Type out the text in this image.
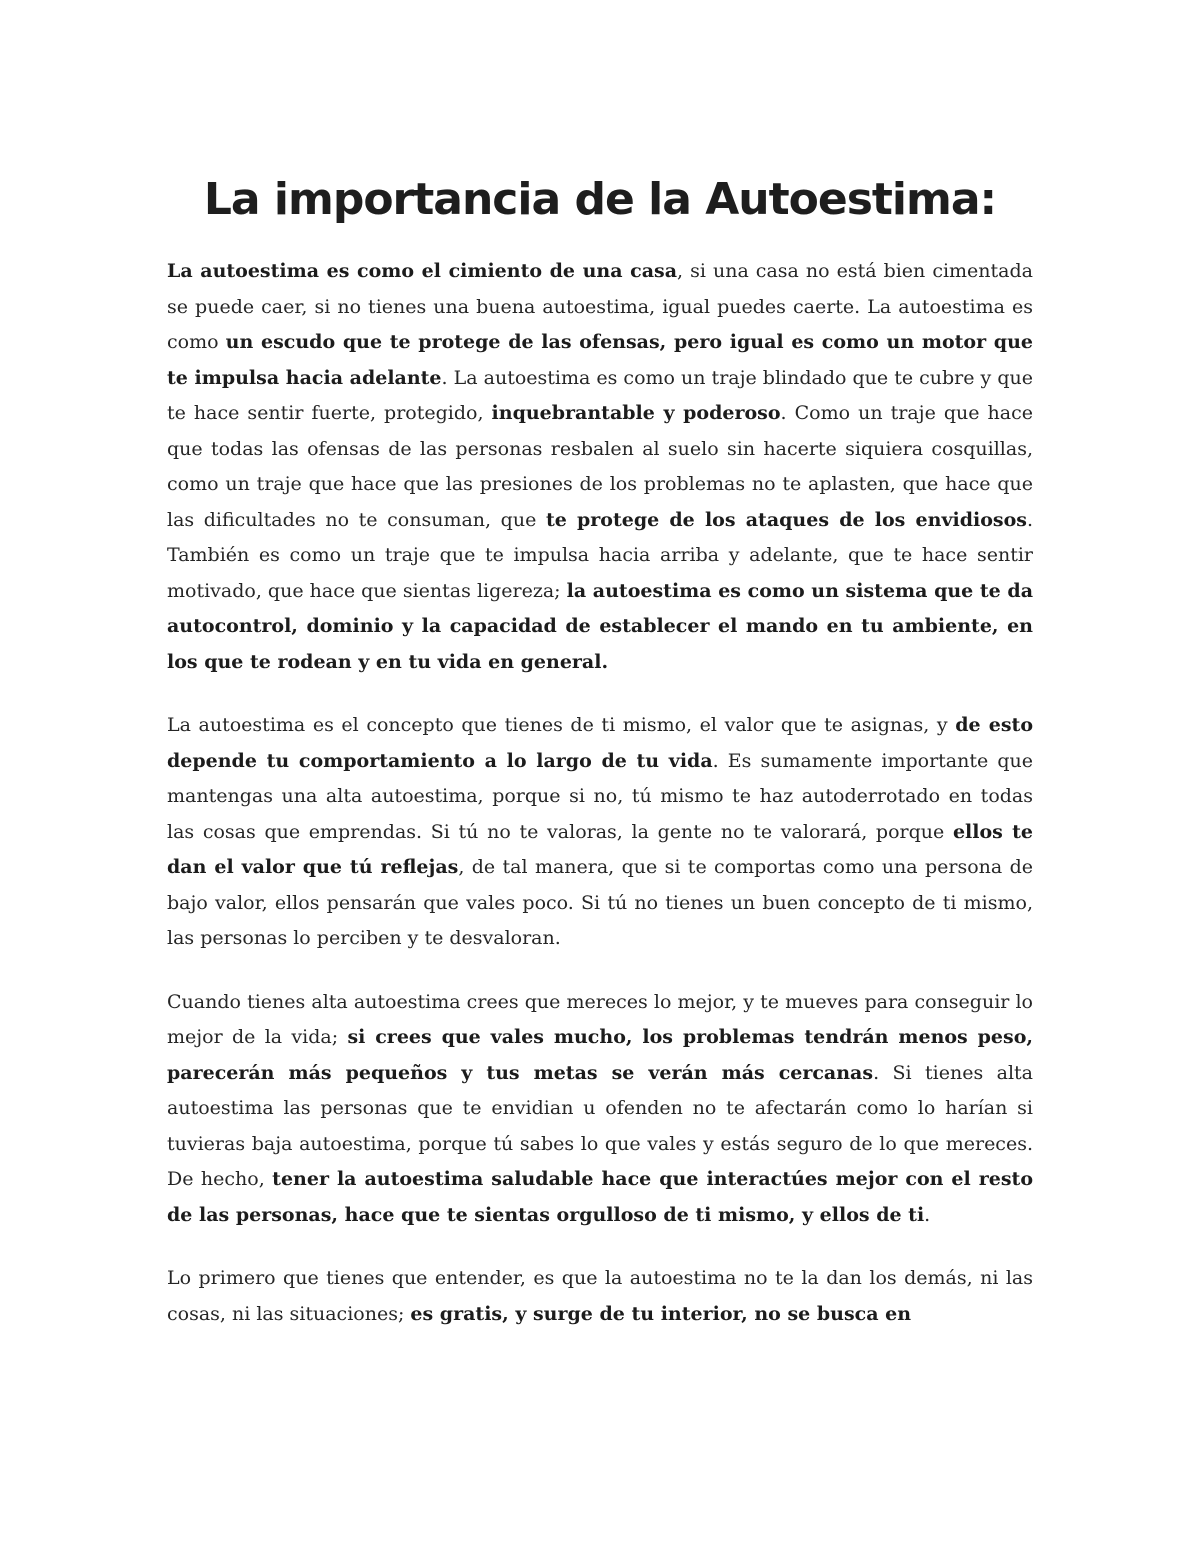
La importancia de la Autoestima:

La autoestima es como el cimiento de una casa, si una casa no está bien cimentada se puede caer, si no tienes una buena autoestima, igual puedes caerte. La autoestima es como un escudo que te protege de las ofensas, pero igual es como un motor que te impulsa hacia adelante. La autoestima es como un traje blindado que te cubre y que te hace sentir fuerte, protegido, inquebrantable y poderoso. Como un traje que hace que todas las ofensas de las personas resbalen al suelo sin hacerte siquiera cosquillas, como un traje que hace que las presiones de los problemas no te aplasten, que hace que las dificultades no te consuman, que te protege de los ataques de los envidiosos. También es como un traje que te impulsa hacia arriba y adelante, que te hace sentir motivado, que hace que sientas ligereza; la autoestima es como un sistema que te da autocontrol, dominio y la capacidad de establecer el mando en tu ambiente, en los que te rodean y en tu vida en general.

La autoestima es el concepto que tienes de ti mismo, el valor que te asignas, y de esto depende tu comportamiento a lo largo de tu vida. Es sumamente importante que mantengas una alta autoestima, porque si no, tú mismo te haz autoderrotado en todas las cosas que emprendas. Si tú no te valoras, la gente no te valorará, porque ellos te dan el valor que tú reflejas, de tal manera, que si te comportas como una persona de bajo valor, ellos pensarán que vales poco. Si tú no tienes un buen concepto de ti mismo, las personas lo perciben y te desvaloran.

Cuando tienes alta autoestima crees que mereces lo mejor, y te mueves para conseguir lo mejor de la vida; si crees que vales mucho, los problemas tendrán menos peso, parecerán más pequeños y tus metas se verán más cercanas. Si tienes alta autoestima las personas que te envidian u ofenden no te afectarán como lo harían si tuvieras baja autoestima, porque tú sabes lo que vales y estás seguro de lo que mereces. De hecho, tener la autoestima saludable hace que interactúes mejor con el resto de las personas, hace que te sientas orgulloso de ti mismo, y ellos de ti.

Lo primero que tienes que entender, es que la autoestima no te la dan los demás, ni las cosas, ni las situaciones; es gratis, y surge de tu interior, no se busca en
